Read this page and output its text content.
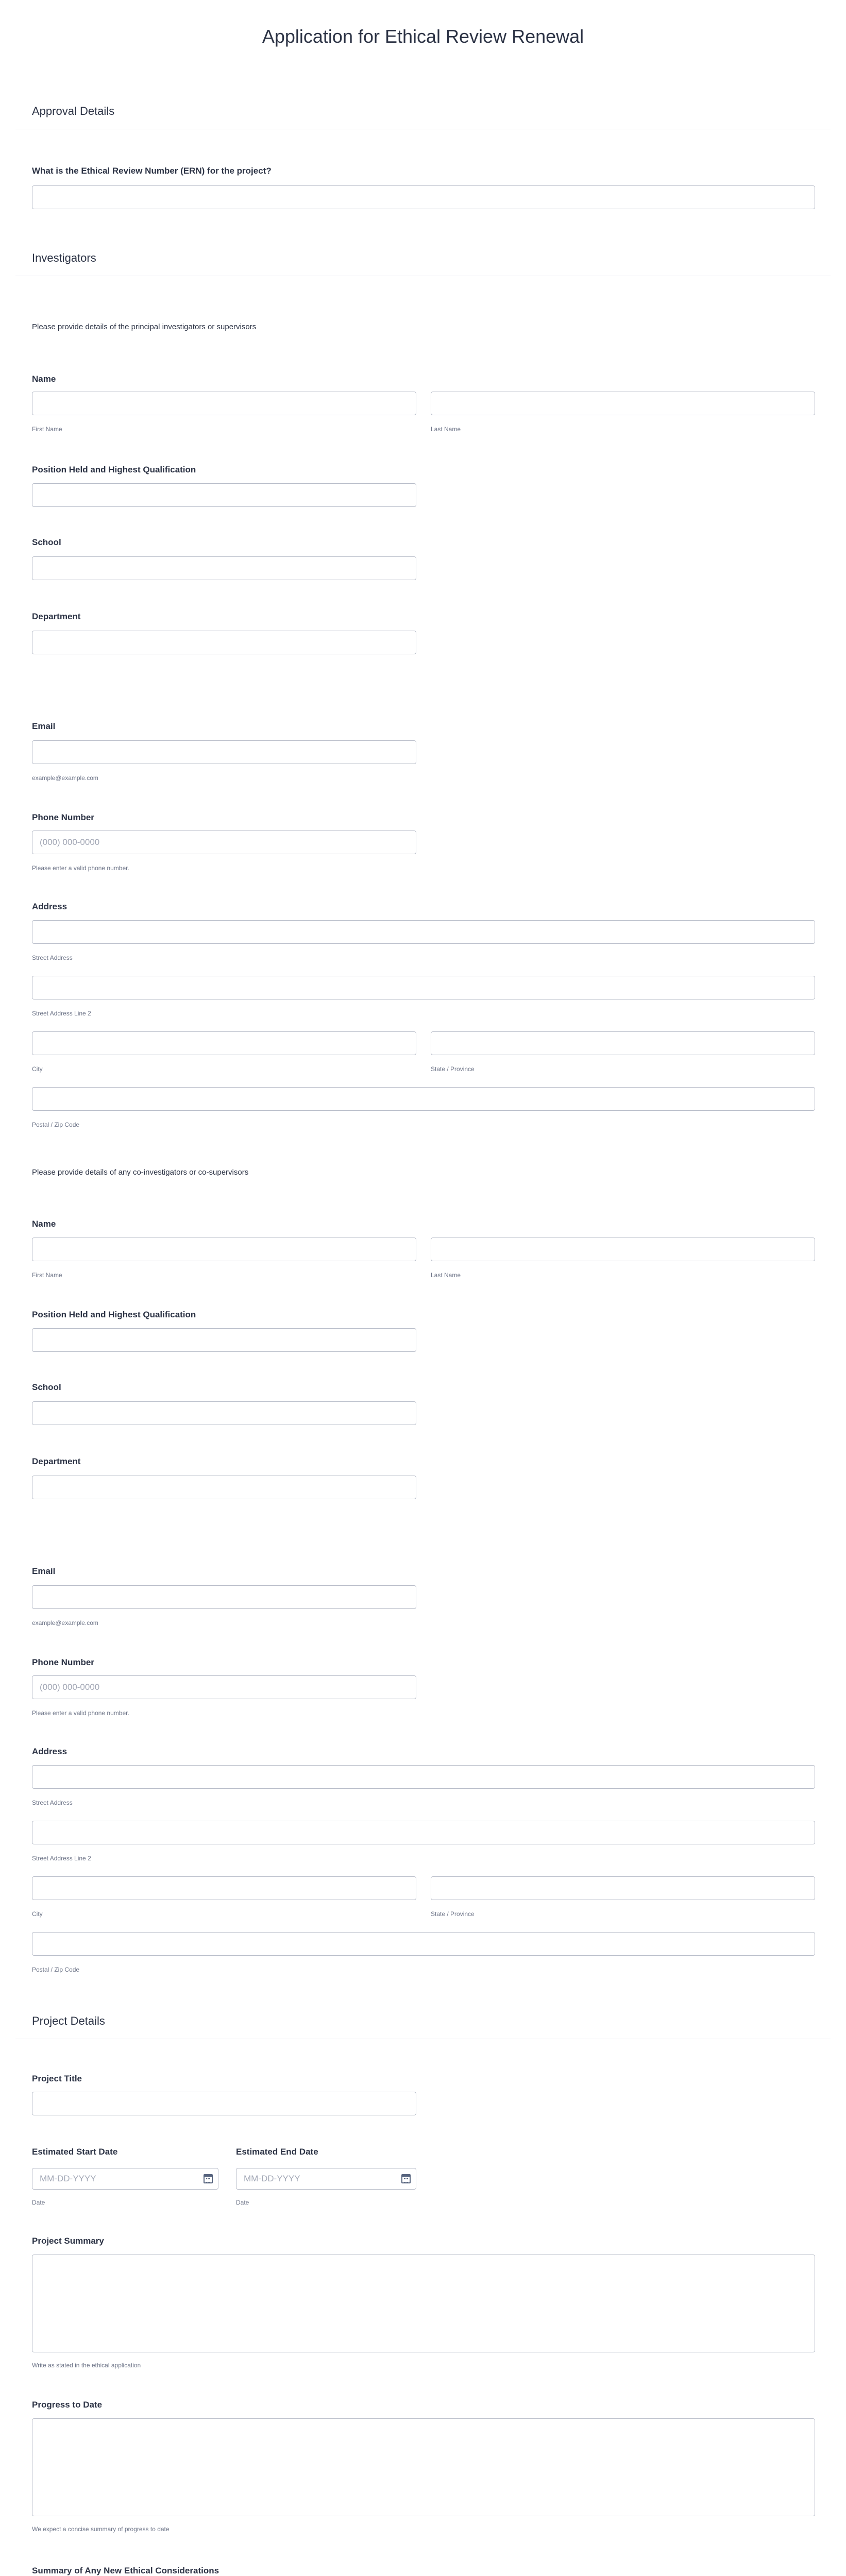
Application for Ethical Review Renewal
Approval Details
What is the Ethical Review Number (ERN) for the project?
Investigators
Please provide details of the principal investigators or supervisors
Name
First Name	Last Name
Position Held and Highest Qualification
School
Department
Email
example@example.com
Phone Number
(000) 000-0000
Please enter a valid phone number.
Address
Street Address
Street Address Line 2
City	State / Province
Postal / Zip Code
Please provide details of any co-investigators or co-supervisors
Name
First Name	Last Name
Position Held and Highest Qualification
School
Department
Email
example@example.com
Phone Number
(000) 000-0000
Please enter a valid phone number.
Address
Street Address
Street Address Line 2
City	State / Province
Postal / Zip Code
Project Details
Project Title
Estimated Start Date
MM-DD-YYYY
Date
Estimated End Date
MM-DD-YYYY
Date
Project Summary
Write as stated in the ethical application
Progress to Date
We expect a concise summary of progress to date
Summary of Any New Ethical Considerations
